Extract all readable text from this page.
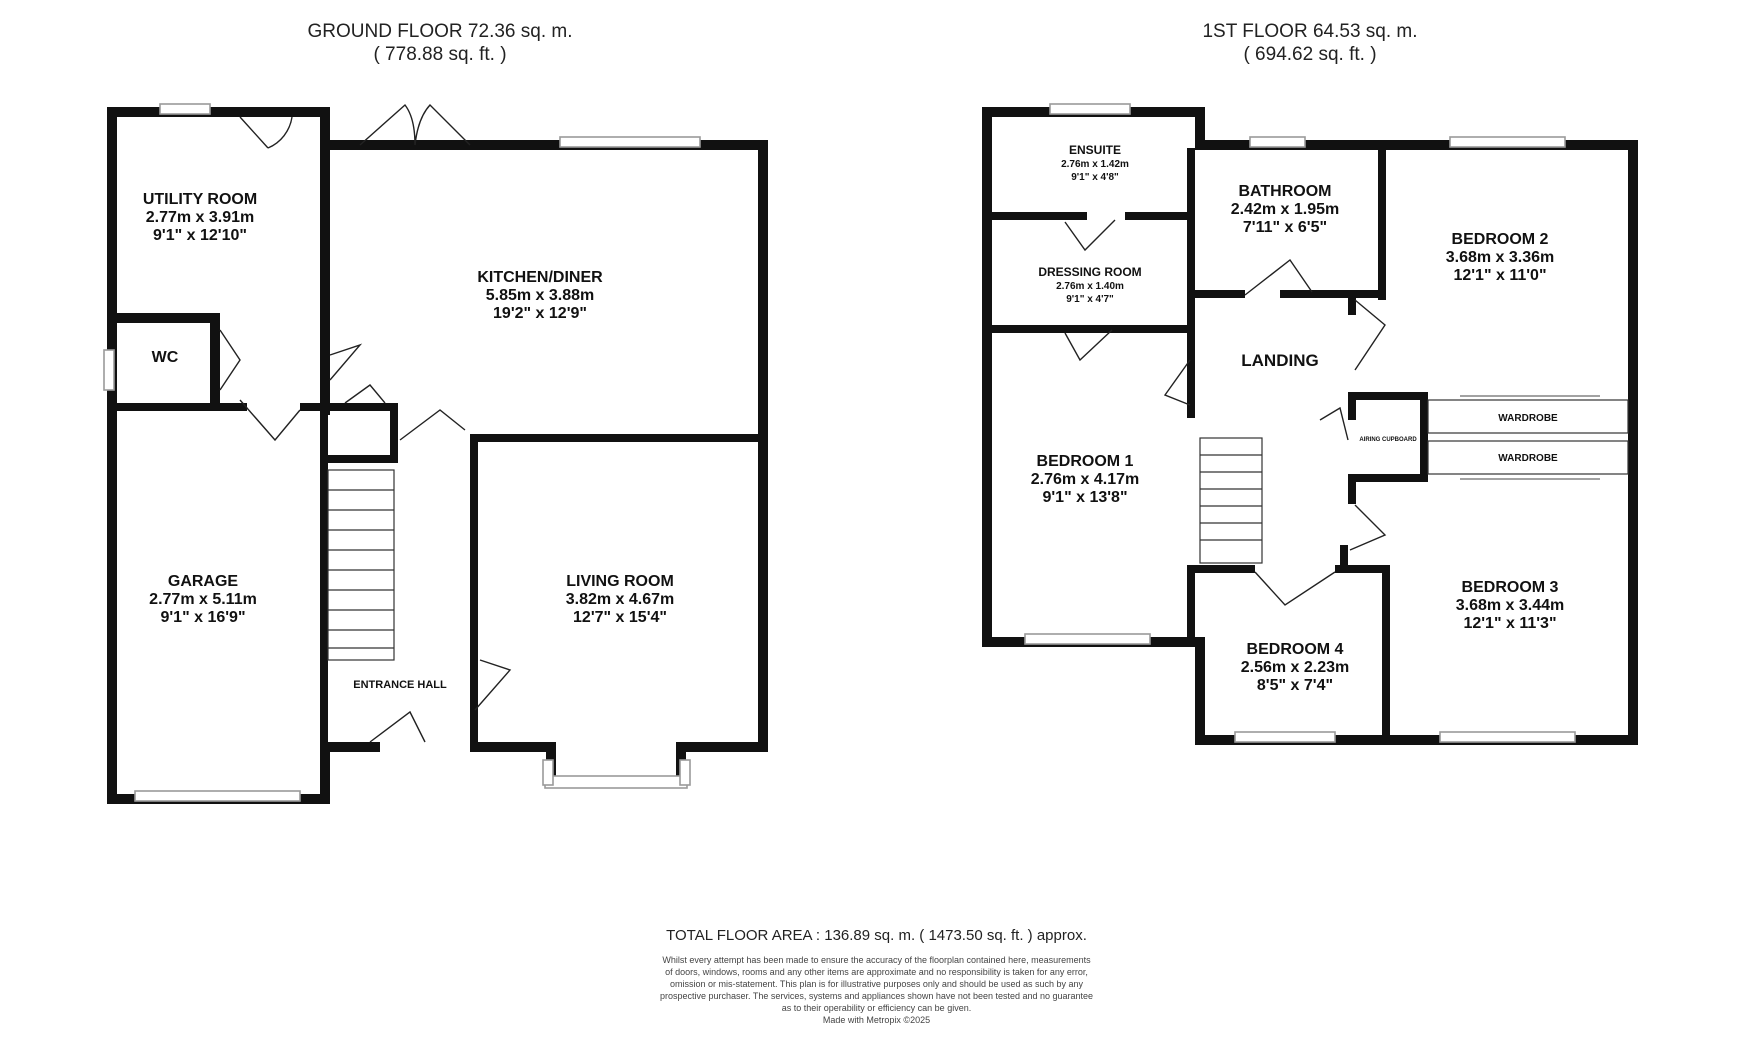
GROUND FLOOR 72.36 sq. m.
( 778.88 sq. ft. )
1ST FLOOR 64.53 sq. m.
( 694.62 sq. ft. )
UTILITY ROOM
2.77m x 3.91m
9'1" x 12'10"
KITCHEN/DINER
5.85m x 3.88m
19'2" x 12'9"
WC
GARAGE
2.77m x 5.11m
9'1" x 16'9"
LIVING ROOM
3.82m x 4.67m
12'7" x 15'4"
ENTRANCE HALL
ENSUITE
2.76m x 1.42m
9'1" x 4'8"
DRESSING ROOM
2.76m x 1.40m
9'1" x 4'7"
BATHROOM
2.42m x 1.95m
7'11" x 6'5"
BEDROOM 2
3.68m x 3.36m
12'1" x 11'0"
LANDING
BEDROOM 1
2.76m x 4.17m
9'1" x 13'8"
AIRING CUPBOARD
WARDROBE
WARDROBE
BEDROOM 3
3.68m x 3.44m
12'1" x 11'3"
BEDROOM 4
2.56m x 2.23m
8'5" x 7'4"
TOTAL FLOOR AREA : 136.89 sq. m. ( 1473.50 sq. ft. ) approx.
Whilst every attempt has been made to ensure the accuracy of the floorplan contained here, measurements
of doors, windows, rooms and any other items are approximate and no responsibility is taken for any error,
omission or mis-statement. This plan is for illustrative purposes only and should be used as such by any
prospective purchaser. The services, systems and appliances shown have not been tested and no guarantee
as to their operability or efficiency can be given.
Made with Metropix ©2025
